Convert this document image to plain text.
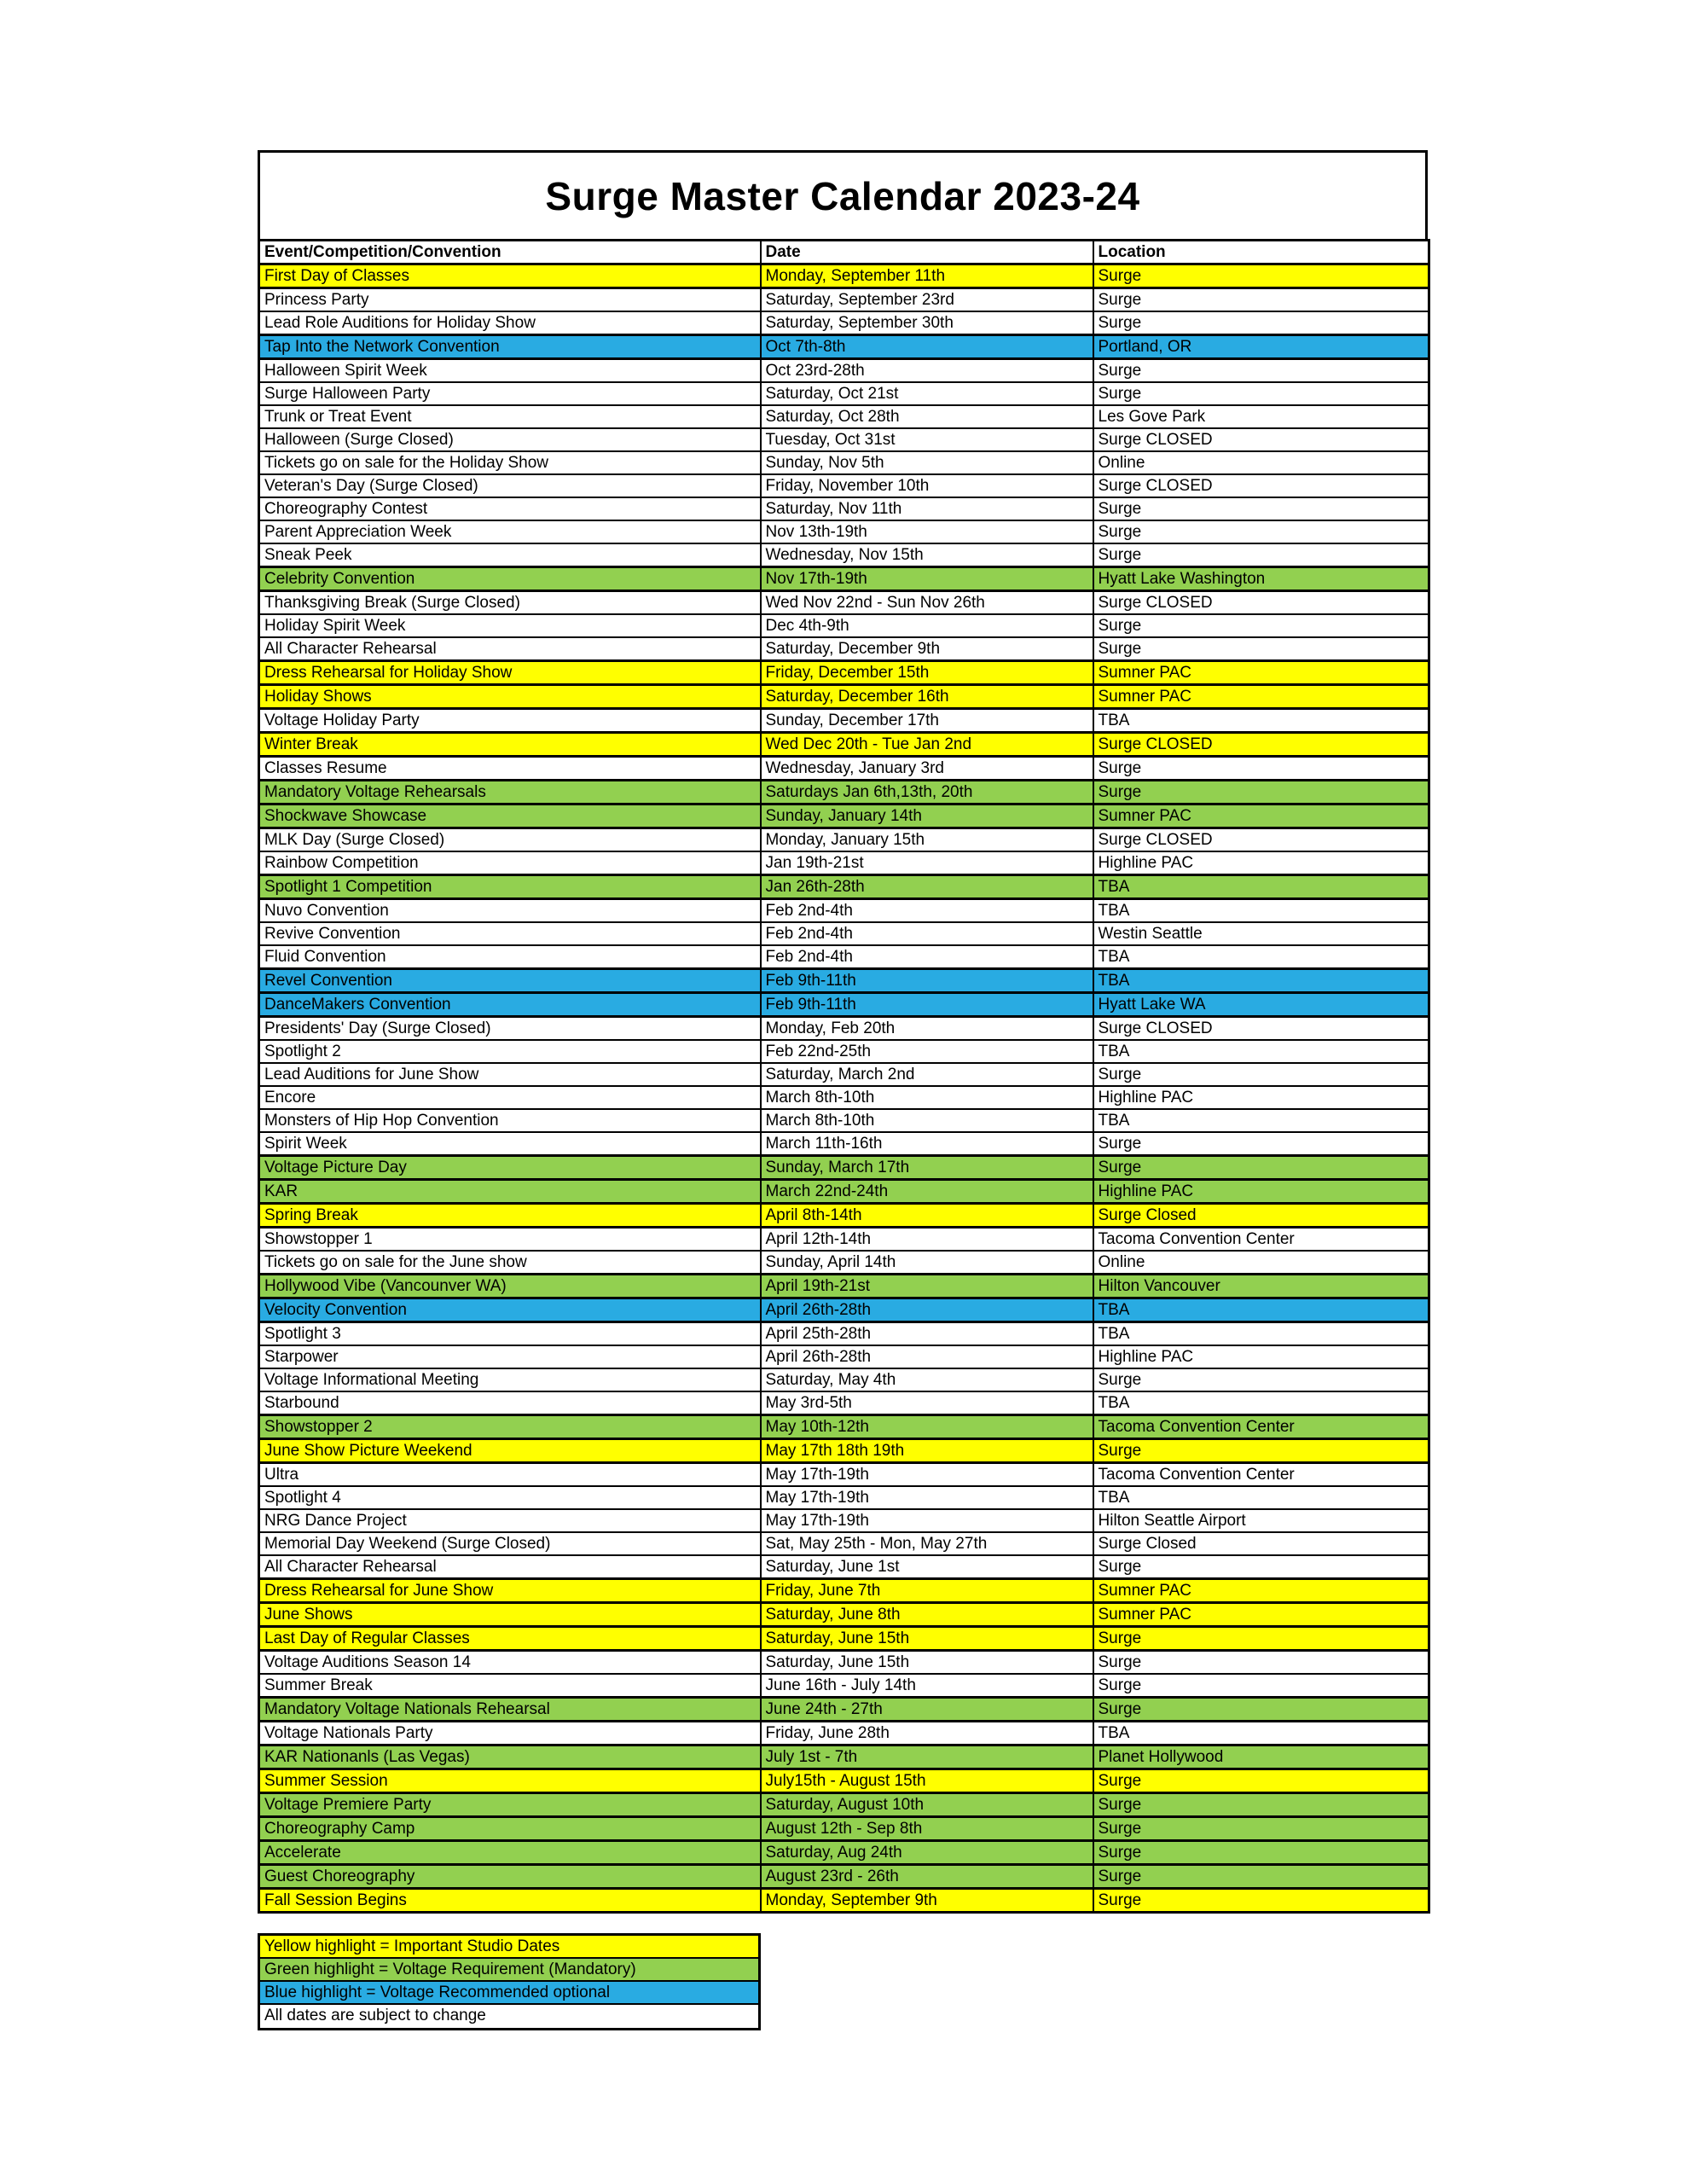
Surge Master Calendar 2023-24
Event/Competition/Convention	Date	Location
First Day of Classes	Monday, September 11th	Surge
Princess Party	Saturday, September 23rd	Surge
Lead Role Auditions for Holiday Show	Saturday, September 30th	Surge
Tap Into the Network Convention	Oct 7th-8th	Portland, OR
Halloween Spirit Week	Oct 23rd-28th	Surge
Surge Halloween Party	Saturday, Oct 21st	Surge
Trunk or Treat Event	Saturday, Oct 28th	Les Gove Park
Halloween (Surge Closed)	Tuesday, Oct 31st	Surge CLOSED
Tickets go on sale for the Holiday Show	Sunday, Nov 5th	Online
Veteran's Day (Surge Closed)	Friday, November 10th	Surge CLOSED
Choreography Contest	Saturday, Nov 11th	Surge
Parent Appreciation Week	Nov 13th-19th	Surge
Sneak Peek	Wednesday, Nov 15th	Surge
Celebrity Convention	Nov 17th-19th	Hyatt Lake Washington
Thanksgiving Break (Surge Closed)	Wed Nov 22nd - Sun Nov 26th	Surge CLOSED
Holiday Spirit Week	Dec 4th-9th	Surge
All Character Rehearsal	Saturday, December 9th	Surge
Dress Rehearsal for Holiday Show	Friday, December 15th	Sumner PAC
Holiday Shows	Saturday, December 16th	Sumner PAC
Voltage Holiday Party	Sunday, December 17th	TBA
Winter Break	Wed Dec 20th - Tue Jan 2nd	Surge CLOSED
Classes Resume	Wednesday, January 3rd	Surge
Mandatory Voltage Rehearsals	Saturdays Jan 6th,13th, 20th	Surge
Shockwave Showcase	Sunday, January 14th	Sumner PAC
MLK Day (Surge Closed)	Monday, January 15th	Surge CLOSED
Rainbow Competition	Jan 19th-21st	Highline PAC
Spotlight 1 Competition	Jan 26th-28th	TBA
Nuvo Convention	Feb 2nd-4th	TBA
Revive Convention	Feb 2nd-4th	Westin Seattle
Fluid Convention	Feb 2nd-4th	TBA
Revel Convention	Feb 9th-11th	TBA
DanceMakers Convention	Feb 9th-11th	Hyatt Lake WA
Presidents' Day (Surge Closed)	Monday, Feb 20th	Surge CLOSED
Spotlight 2	Feb 22nd-25th	TBA
Lead Auditions for June Show	Saturday, March 2nd	Surge
Encore	March 8th-10th	Highline PAC
Monsters of Hip Hop Convention	March 8th-10th	TBA
Spirit Week	March 11th-16th	Surge
Voltage Picture Day	Sunday, March 17th	Surge
KAR	March 22nd-24th	Highline PAC
Spring Break	April 8th-14th	Surge Closed
Showstopper 1	April 12th-14th	Tacoma Convention Center
Tickets go on sale for the June show	Sunday, April 14th	Online
Hollywood Vibe (Vancounver WA)	April 19th-21st	Hilton Vancouver
Velocity Convention	April 26th-28th	TBA
Spotlight 3	April 25th-28th	TBA
Starpower	April 26th-28th	Highline PAC
Voltage Informational Meeting	Saturday, May 4th	Surge
Starbound	May 3rd-5th	TBA
Showstopper 2	May 10th-12th	Tacoma Convention Center
June Show Picture Weekend	May 17th 18th 19th	Surge
Ultra	May 17th-19th	Tacoma Convention Center
Spotlight 4	May 17th-19th	TBA
NRG Dance Project	May 17th-19th	Hilton Seattle Airport
Memorial Day Weekend (Surge Closed)	Sat, May 25th - Mon, May 27th	Surge Closed
All Character Rehearsal	Saturday, June 1st	Surge
Dress Rehearsal for June Show	Friday, June 7th	Sumner PAC
June Shows	Saturday, June 8th	Sumner PAC
Last Day of Regular Classes	Saturday, June 15th	Surge
Voltage Auditions Season 14	Saturday, June 15th	Surge
Summer Break	June 16th - July 14th	Surge
Mandatory Voltage Nationals Rehearsal	June 24th - 27th	Surge
Voltage Nationals Party	Friday, June 28th	TBA
KAR Nationanls (Las Vegas)	July 1st - 7th	Planet Hollywood
Summer Session	July15th - August 15th	Surge
Voltage Premiere Party	Saturday, August 10th	Surge
Choreography Camp	August 12th - Sep 8th	Surge
Accelerate	Saturday, Aug 24th	Surge
Guest Choreography	August 23rd - 26th	Surge
Fall Session Begins	Monday, September 9th	Surge
Yellow highlight = Important Studio Dates
Green highlight = Voltage Requirement (Mandatory)
Blue highlight = Voltage Recommended optional
All dates are subject to change
